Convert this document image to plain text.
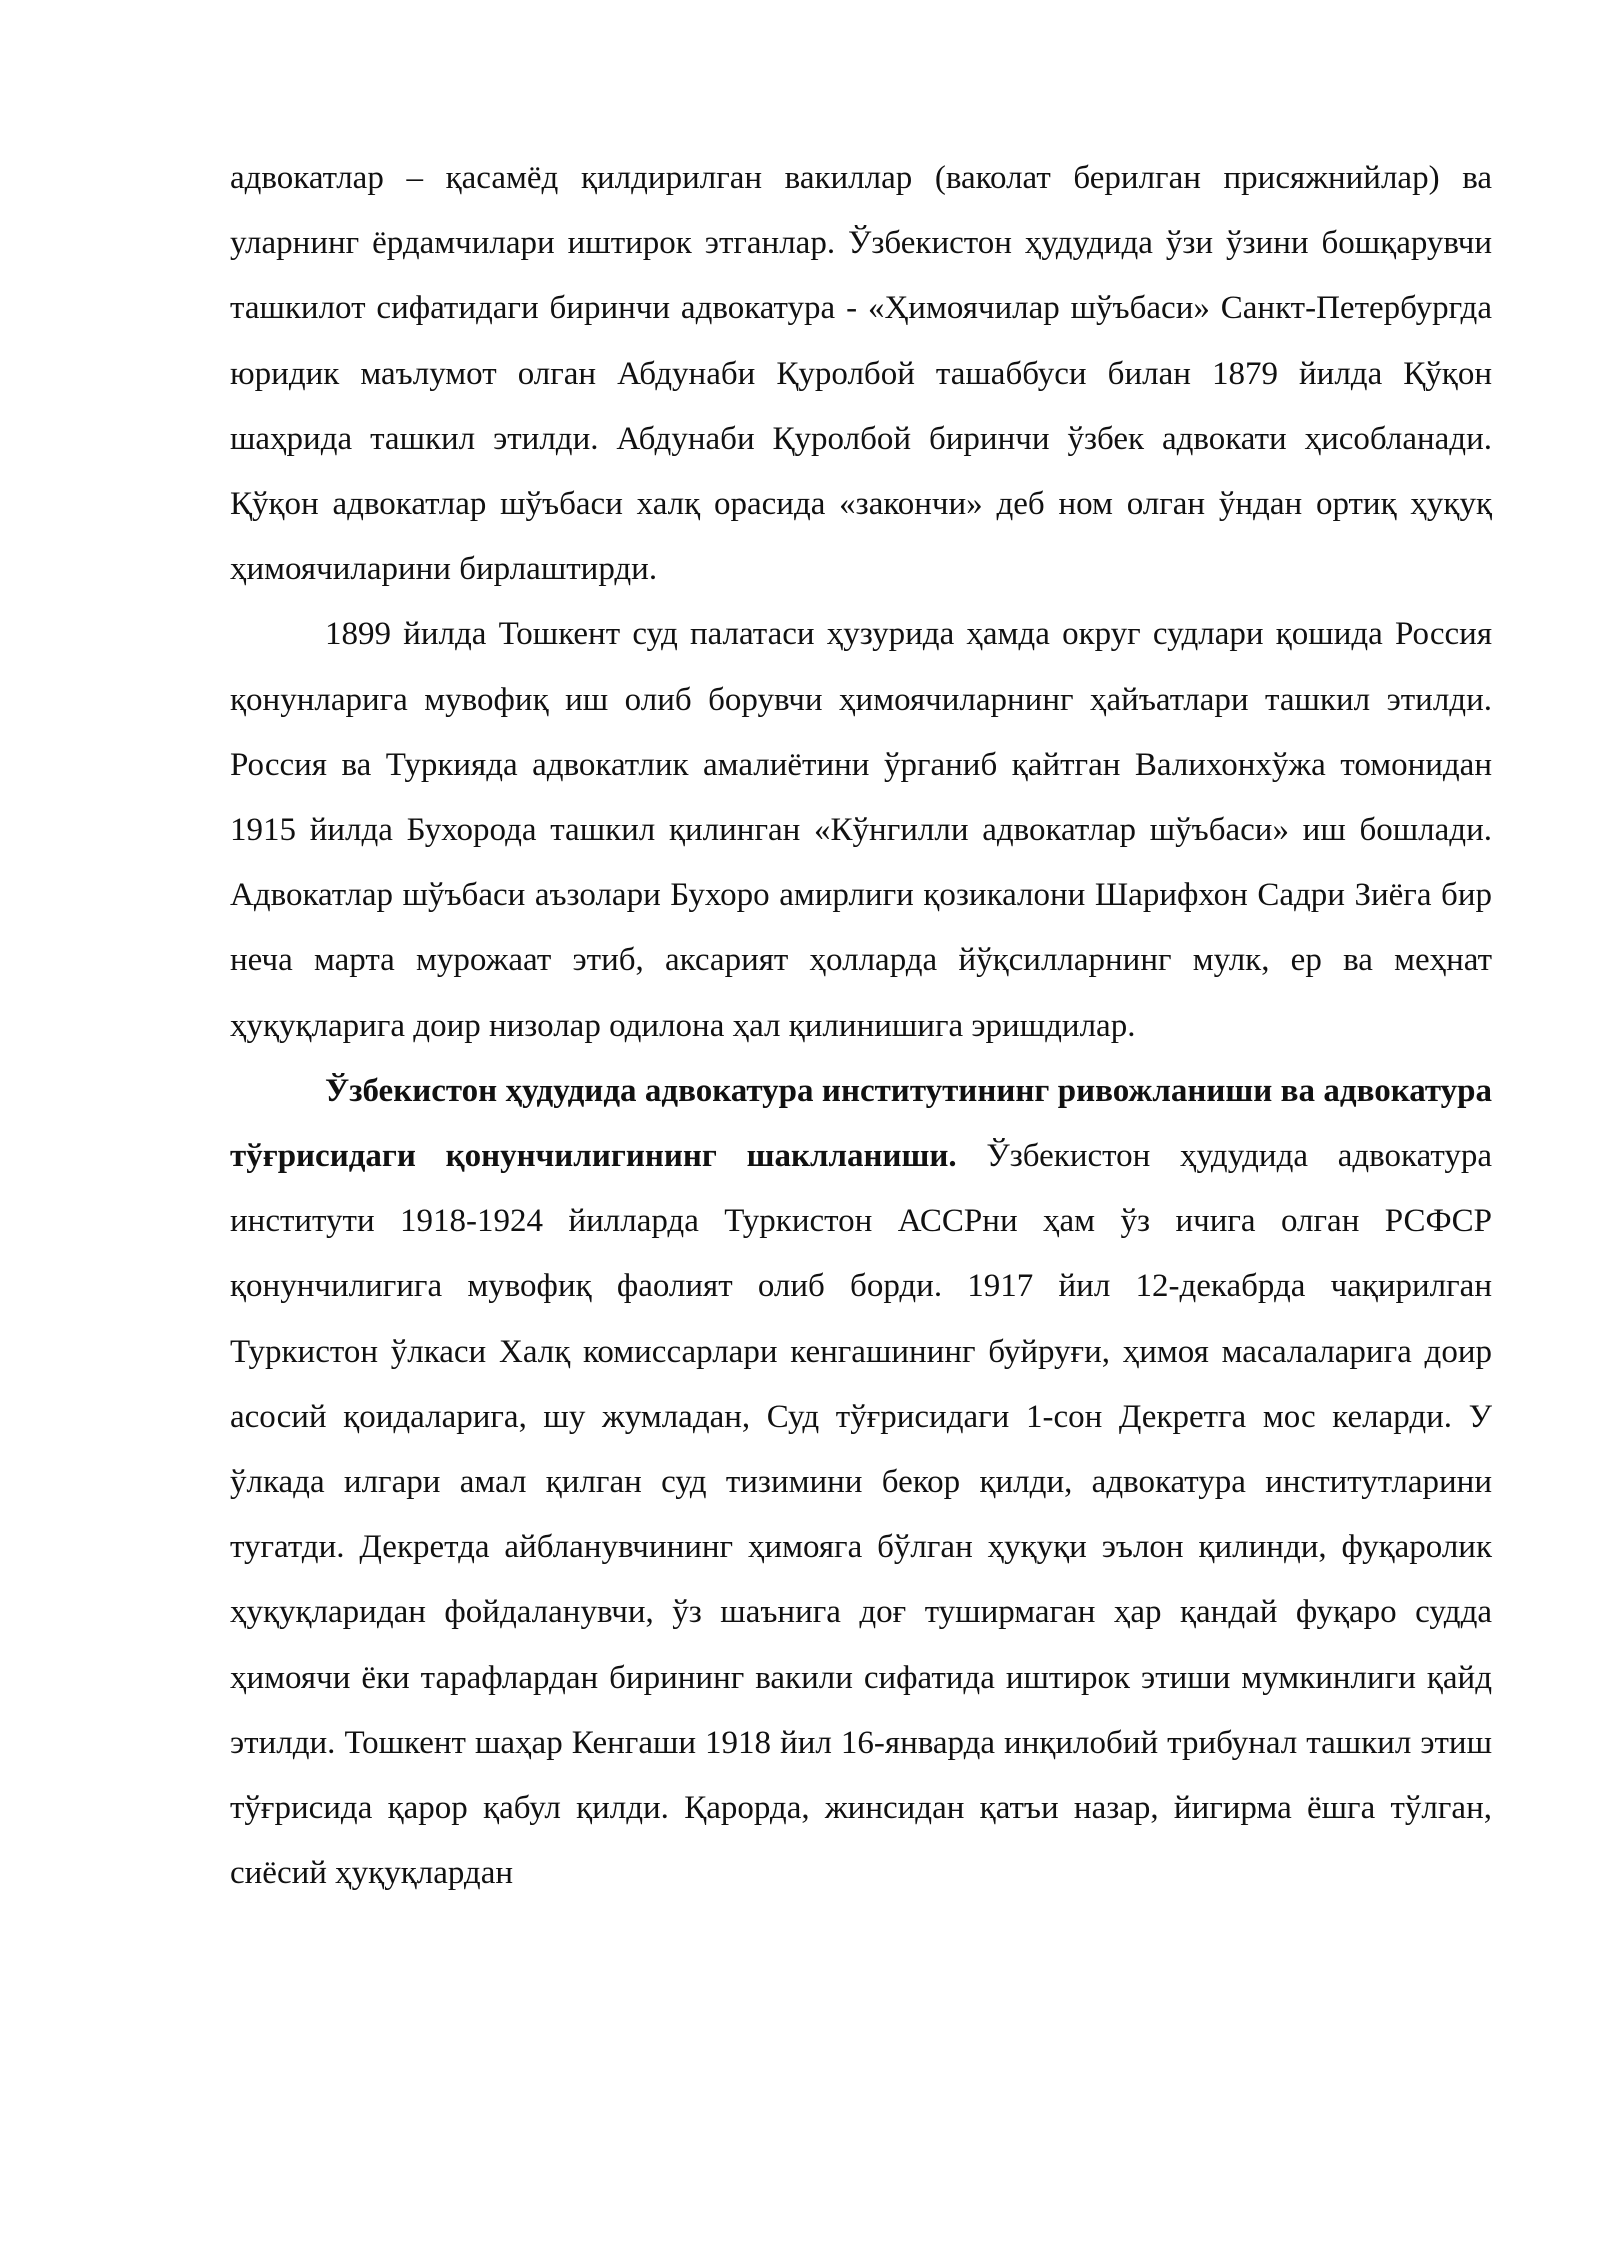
адвокатлар – қасамёд қилдирилган вакиллар (ваколат берилган присяжнийлар) ва уларнинг ёрдамчилари иштирок этганлар. Ўзбекистон ҳудудида ўзи ўзини бошқарувчи ташкилот сифатидаги биринчи адвокатура - «Ҳимоячилар шўъбаси» Санкт-Петербургда юридик маълумот олган Абдунаби Қуролбой ташаббуси билан 1879 йилда Қўқон шаҳрида ташкил этилди. Абдунаби Қуролбой биринчи ўзбек адвокати ҳисобланади. Қўқон адвокатлар шўъбаси халқ орасида «закончи» деб ном олган ўндан ортиқ ҳуқуқ ҳимоячиларини бирлаштирди.

1899 йилда Тошкент суд палатаси ҳузурида ҳамда округ судлари қошида Россия қонунларига мувофиқ иш олиб борувчи ҳимоячиларнинг ҳайъатлари ташкил этилди. Россия ва Туркияда адвокатлик амалиётини ўрганиб қайтган Валихонхўжа томонидан 1915 йилда Бухорода ташкил қилинган «Кўнгилли адвокатлар шўъбаси» иш бошлади. Адвокатлар шўъбаси аъзолари Бухоро амирлиги қозикалони Шарифхон Садри Зиёга бир неча марта мурожаат этиб, аксарият ҳолларда йўқсилларнинг мулк, ер ва меҳнат ҳуқуқларига доир низолар одилона ҳал қилинишига эришдилар.

Ўзбекистон ҳудудида адвокатура институтининг ривожланиши ва адвокатура тўғрисидаги қонунчилигининг шаклланиши. Ўзбекистон ҳудудида адвокатура институти 1918-1924 йилларда Туркистон АССРни ҳам ўз ичига олган РСФСР қонунчилигига мувофиқ фаолият олиб борди. 1917 йил 12-декабрда чақирилган Туркистон ўлкаси Халқ комиссарлари кенгашининг буйруғи, ҳимоя масалаларига доир асосий қоидаларига, шу жумладан, Суд тўғрисидаги 1-сон Декретга мос келарди. У ўлкада илгари амал қилган суд тизимини бекор қилди, адвокатура институтларини тугатди. Декретда айбланувчининг ҳимояга бўлган ҳуқуқи эълон қилинди, фуқаролик ҳуқуқларидан фойдаланувчи, ўз шаънига доғ туширмаган ҳар қандай фуқаро судда ҳимоячи ёки тарафлардан бирининг вакили сифатида иштирок этиши мумкинлиги қайд этилди. Тошкент шаҳар Кенгаши 1918 йил 16-январда инқилобий трибунал ташкил этиш тўғрисида қарор қабул қилди. Қарорда, жинсидан қатъи назар, йигирма ёшга тўлган, сиёсий ҳуқуқлардан
